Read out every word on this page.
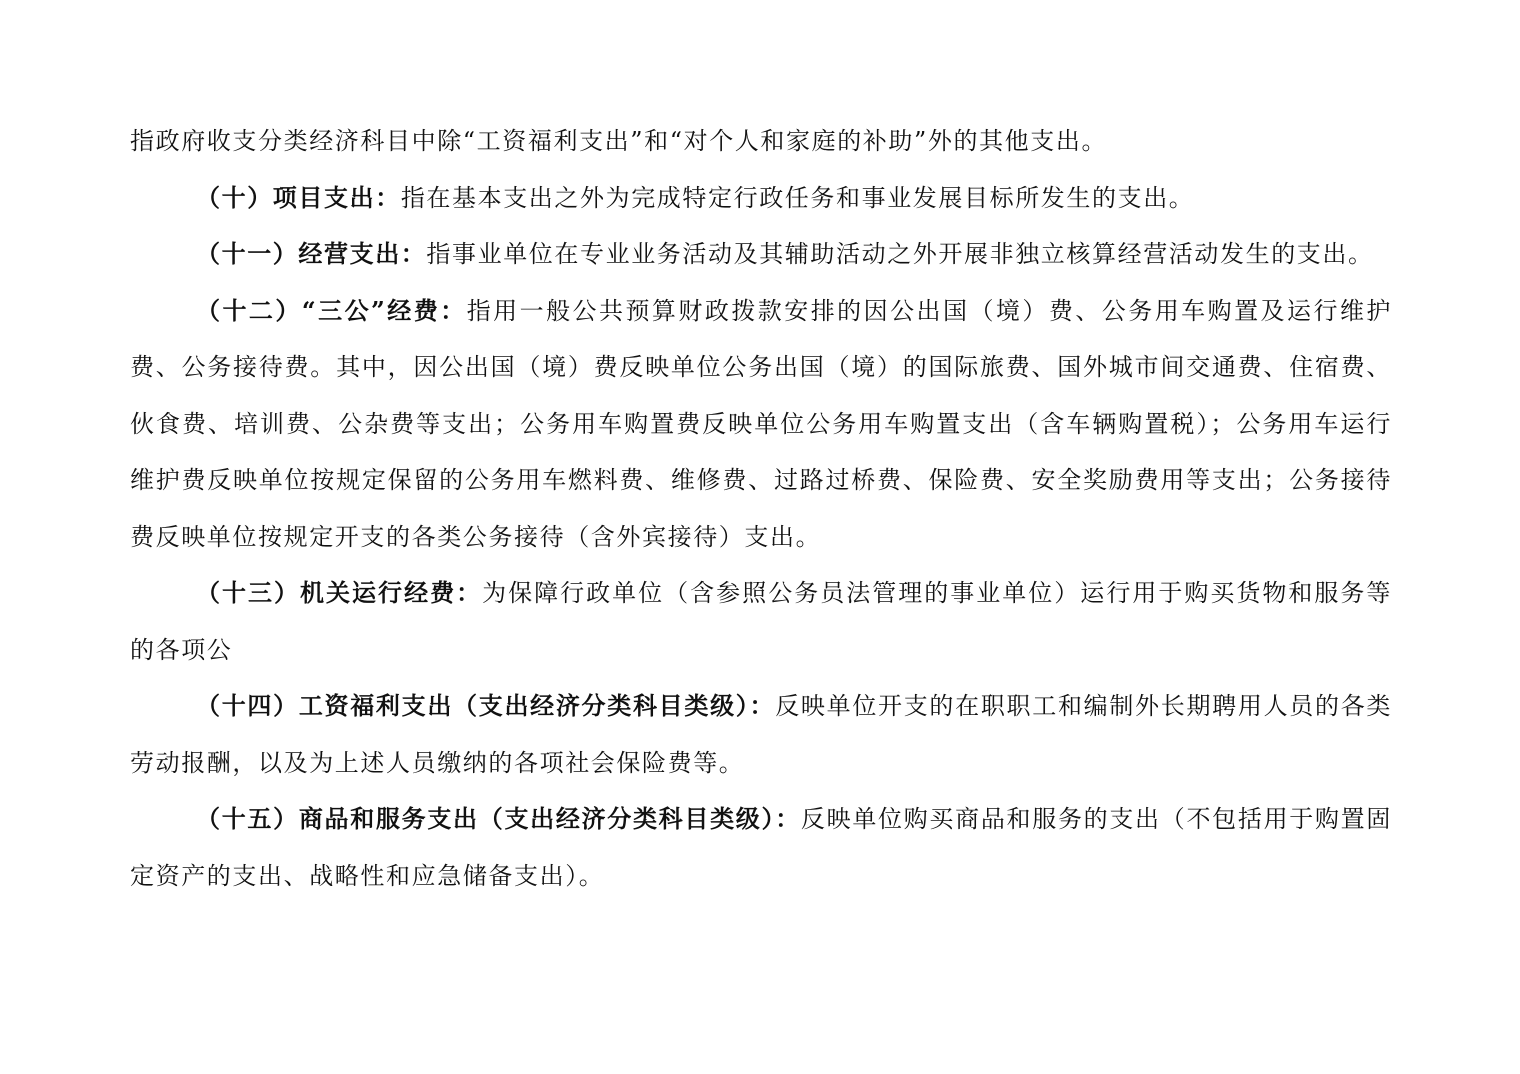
指政府收支分类经济科目中除“工资福利支出”和“对个人和家庭的补助”外的其他支出。

（十）项目支出：指在基本支出之外为完成特定行政任务和事业发展目标所发生的支出。

（十一）经营支出：指事业单位在专业业务活动及其辅助活动之外开展非独立核算经营活动发生的支出。

（十二）“三公”经费：指用一般公共预算财政拨款安排的因公出国（境）费、公务用车购置及运行维护费、公务接待费。其中，因公出国（境）费反映单位公务出国（境）的国际旅费、国外城市间交通费、住宿费、伙食费、培训费、公杂费等支出；公务用车购置费反映单位公务用车购置支出（含车辆购置税）；公务用车运行维护费反映单位按规定保留的公务用车燃料费、维修费、过路过桥费、保险费、安全奖励费用等支出；公务接待费反映单位按规定开支的各类公务接待（含外宾接待）支出。

（十三）机关运行经费：为保障行政单位（含参照公务员法管理的事业单位）运行用于购买货物和服务等的各项公

（十四）工资福利支出（支出经济分类科目类级）：反映单位开支的在职职工和编制外长期聘用人员的各类劳动报酬，以及为上述人员缴纳的各项社会保险费等。

（十五）商品和服务支出（支出经济分类科目类级）：反映单位购买商品和服务的支出（不包括用于购置固定资产的支出、战略性和应急储备支出）。
